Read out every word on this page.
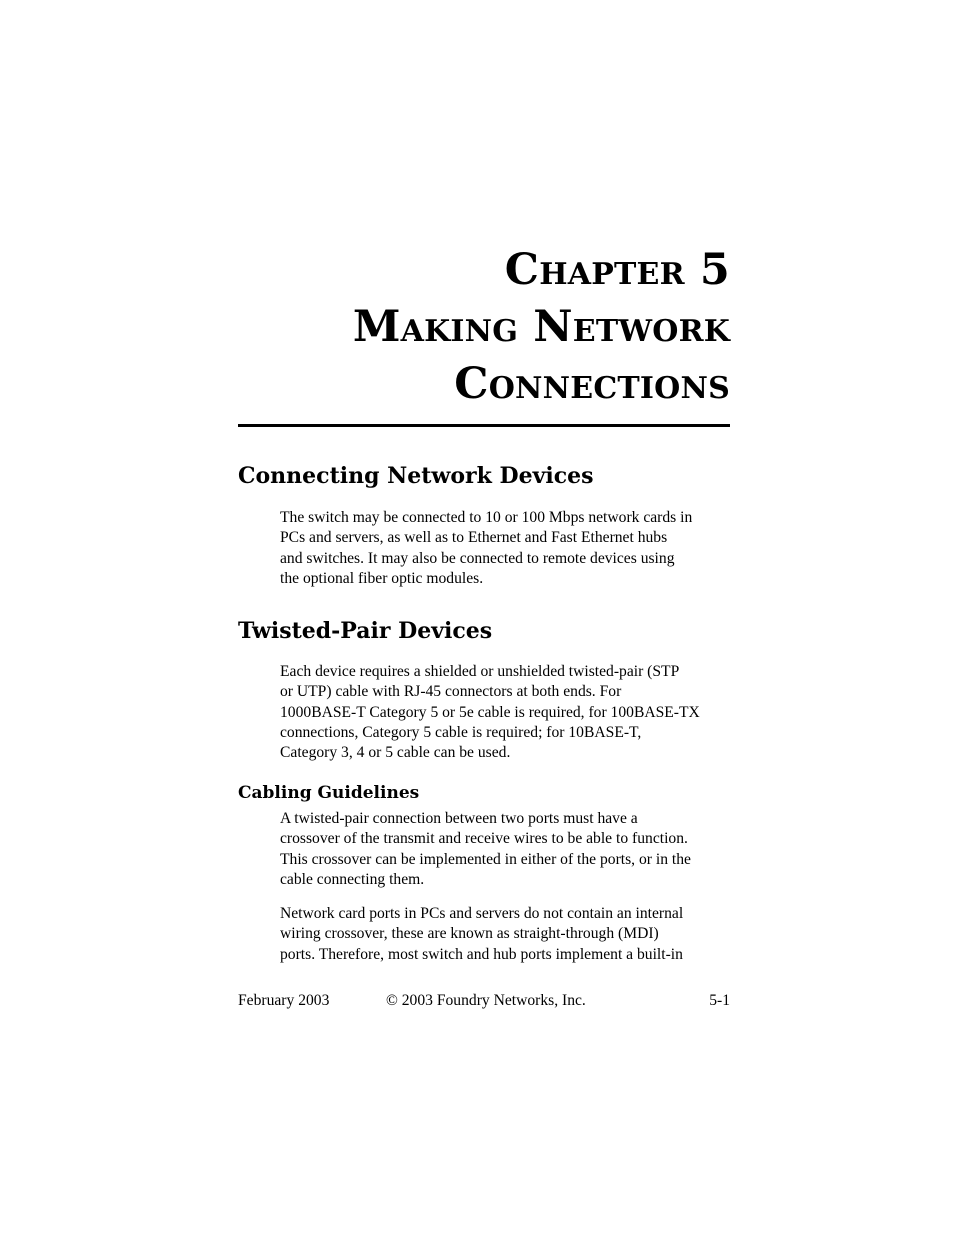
Chapter 5
Making Network
Connections
Connecting Network Devices

The switch may be connected to 10 or 100 Mbps network cards in
PCs and servers, as well as to Ethernet and Fast Ethernet hubs
and switches. It may also be connected to remote devices using
the optional fiber optic modules.

Twisted-Pair Devices

Each device requires a shielded or unshielded twisted-pair (STP
or UTP) cable with RJ-45 connectors at both ends. For
1000BASE-T Category 5 or 5e cable is required, for 100BASE-TX
connections, Category 5 cable is required; for 10BASE-T,
Category 3, 4 or 5 cable can be used.

Cabling Guidelines

A twisted-pair connection between two ports must have a
crossover of the transmit and receive wires to be able to function.
This crossover can be implemented in either of the ports, or in the
cable connecting them.

Network card ports in PCs and servers do not contain an internal
wiring crossover, these are known as straight-through (MDI)
ports. Therefore, most switch and hub ports implement a built-in

February 2003	© 2003 Foundry Networks, Inc.	5-1
